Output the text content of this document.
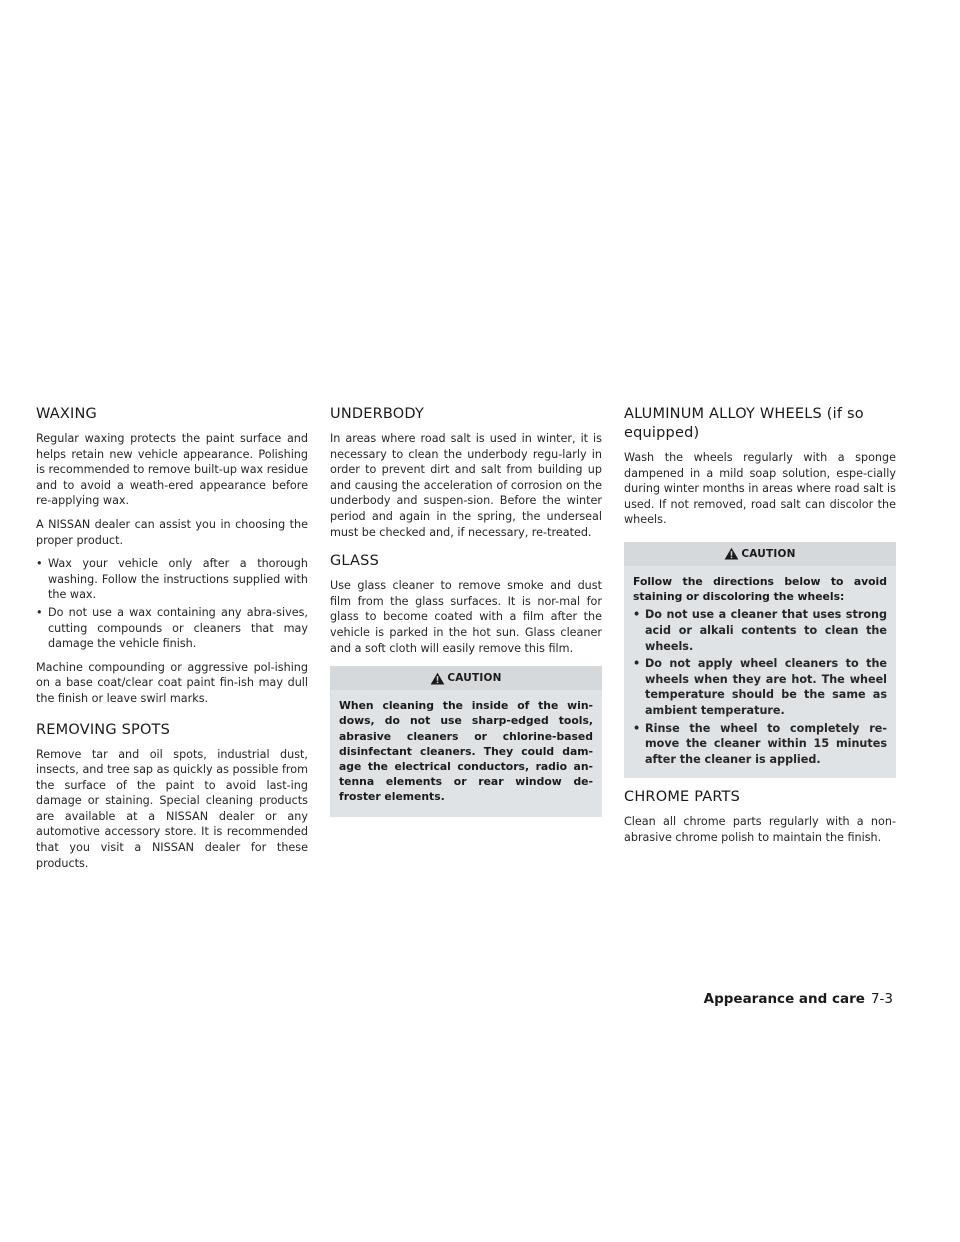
WAXING

Regular waxing protects the paint surface and helps retain new vehicle appearance. Polishing is recommended to remove built-up wax residue and to avoid a weath-ered appearance before re-applying wax.

A NISSAN dealer can assist you in choosing the proper product.

• Wax your vehicle only after a thorough washing. Follow the instructions supplied with the wax.
• Do not use a wax containing any abra-sives, cutting compounds or cleaners that may damage the vehicle finish.

Machine compounding or aggressive pol-ishing on a base coat/clear coat paint fin-ish may dull the finish or leave swirl marks.

REMOVING SPOTS

Remove tar and oil spots, industrial dust, insects, and tree sap as quickly as possible from the surface of the paint to avoid last-ing damage or staining. Special cleaning products are available at a NISSAN dealer or any automotive accessory store. It is recommended that you visit a NISSAN dealer for these products.

UNDERBODY

In areas where road salt is used in winter, it is necessary to clean the underbody regu-larly in order to prevent dirt and salt from building up and causing the acceleration of corrosion on the underbody and suspen-sion. Before the winter period and again in the spring, the underseal must be checked and, if necessary, re-treated.

GLASS

Use glass cleaner to remove smoke and dust film from the glass surfaces. It is nor-mal for glass to become coated with a film after the vehicle is parked in the hot sun. Glass cleaner and a soft cloth will easily remove this film.

CAUTION

When cleaning the inside of the win-dows, do not use sharp-edged tools, abrasive cleaners or chlorine-based disinfectant cleaners. They could dam-age the electrical conductors, radio an-tenna elements or rear window de-froster elements.

ALUMINUM ALLOY WHEELS (if so equipped)

Wash the wheels regularly with a sponge dampened in a mild soap solution, espe-cially during winter months in areas where road salt is used. If not removed, road salt can discolor the wheels.

CAUTION

Follow the directions below to avoid staining or discoloring the wheels:

• Do not use a cleaner that uses strong acid or alkali contents to clean the wheels.
• Do not apply wheel cleaners to the wheels when they are hot. The wheel temperature should be the same as ambient temperature.
• Rinse the wheel to completely re-move the cleaner within 15 minutes after the cleaner is applied.
CHROME PARTS

Clean all chrome parts regularly with a non-abrasive chrome polish to maintain the finish.

Appearance and care 7-3
